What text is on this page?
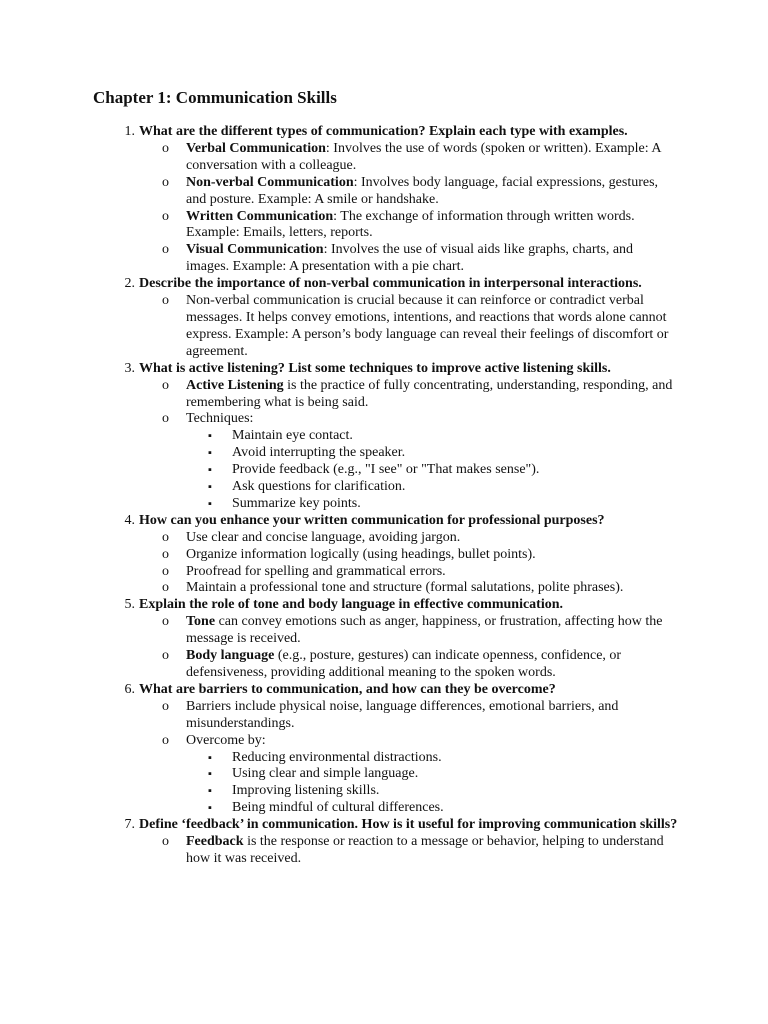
Chapter 1: Communication Skills
1. What are the different types of communication? Explain each type with examples.
o Verbal Communication: Involves the use of words (spoken or written). Example: A conversation with a colleague.
o Non-verbal Communication: Involves body language, facial expressions, gestures, and posture. Example: A smile or handshake.
o Written Communication: The exchange of information through written words. Example: Emails, letters, reports.
o Visual Communication: Involves the use of visual aids like graphs, charts, and images. Example: A presentation with a pie chart.
2. Describe the importance of non-verbal communication in interpersonal interactions.
o Non-verbal communication is crucial because it can reinforce or contradict verbal messages. It helps convey emotions, intentions, and reactions that words alone cannot express. Example: A person’s body language can reveal their feelings of discomfort or agreement.
3. What is active listening? List some techniques to improve active listening skills.
o Active Listening is the practice of fully concentrating, understanding, responding, and remembering what is being said.
o Techniques:
▪ Maintain eye contact.
▪ Avoid interrupting the speaker.
▪ Provide feedback (e.g., "I see" or "That makes sense").
▪ Ask questions for clarification.
▪ Summarize key points.
4. How can you enhance your written communication for professional purposes?
o Use clear and concise language, avoiding jargon.
o Organize information logically (using headings, bullet points).
o Proofread for spelling and grammatical errors.
o Maintain a professional tone and structure (formal salutations, polite phrases).
5. Explain the role of tone and body language in effective communication.
o Tone can convey emotions such as anger, happiness, or frustration, affecting how the message is received.
o Body language (e.g., posture, gestures) can indicate openness, confidence, or defensiveness, providing additional meaning to the spoken words.
6. What are barriers to communication, and how can they be overcome?
o Barriers include physical noise, language differences, emotional barriers, and misunderstandings.
o Overcome by:
▪ Reducing environmental distractions.
▪ Using clear and simple language.
▪ Improving listening skills.
▪ Being mindful of cultural differences.
7. Define ‘feedback’ in communication. How is it useful for improving communication skills?
o Feedback is the response or reaction to a message or behavior, helping to understand how it was received.
